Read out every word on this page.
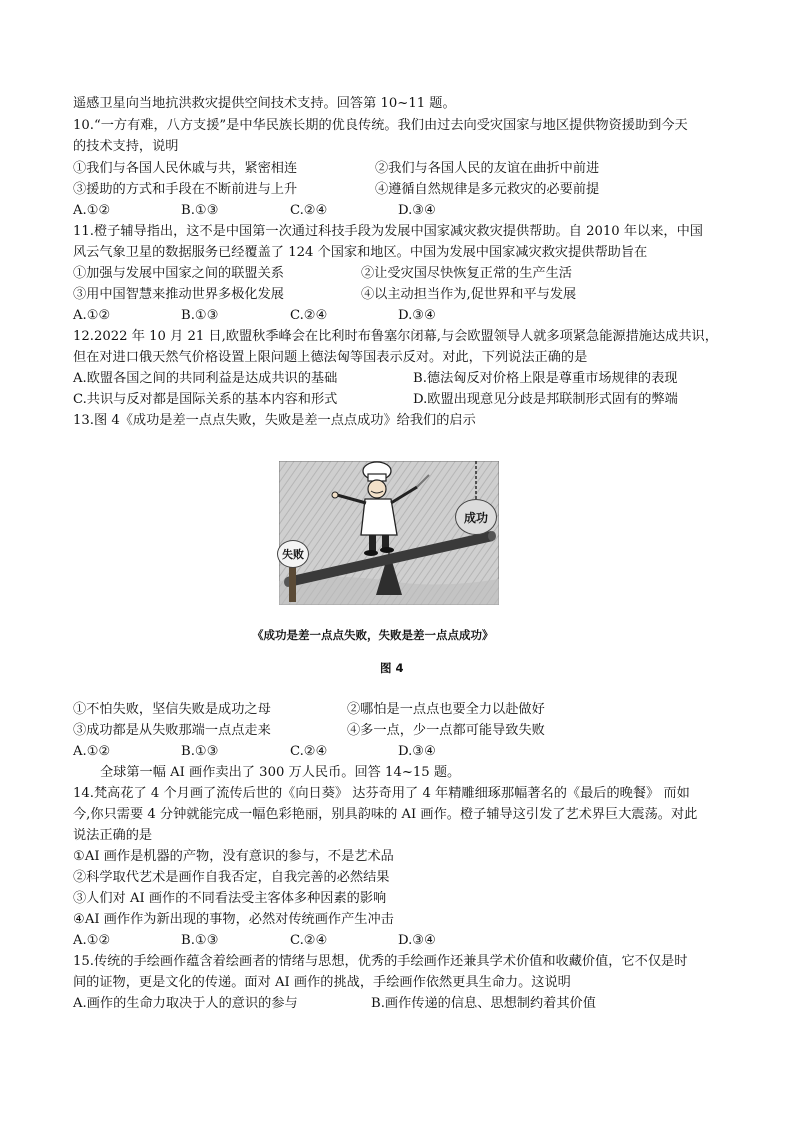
遥感卫星向当地抗洪救灾提供空间技术支持。回答第 10~11 题。
10.“一方有难，八方支援”是中华民族长期的优良传统。我们由过去向受灾国家与地区提供物资援助到今天
的技术支持，说明
①我们与各国人民休戚与共，紧密相连	②我们与各国人民的友谊在曲折中前进
③援助的方式和手段在不断前进与上升	④遵循自然规律是多元救灾的必要前提
A.①②	B.①③	C.②④	D.③④
11.橙子辅导指出，这不是中国第一次通过科技手段为发展中国家减灾救灾提供帮助。自 2010 年以来，中国
风云气象卫星的数据服务已经覆盖了 124 个国家和地区。中国为发展中国家减灾救灾提供帮助旨在
①加强与发展中国家之间的联盟关系	②让受灾国尽快恢复正常的生产生活
③用中国智慧来推动世界多极化发展	④以主动担当作为,促世界和平与发展
A.①②	B.①③	C.②④	D.③④
12.2022 年 10 月 21 日,欧盟秋季峰会在比利时布鲁塞尔闭幕,与会欧盟领导人就多项紧急能源措施达成共识，
但在对进口俄天然气价格设置上限问题上德法匈等国表示反对。对此，下列说法正确的是
A.欧盟各国之间的共同利益是达成共识的基础	B.德法匈反对价格上限是尊重市场规律的表现
C.共识与反对都是国际关系的基本内容和形式	D.欧盟出现意见分歧是邦联制形式固有的弊端
13.图 4《成功是差一点点失败，失败是差一点点成功》给我们的启示
失败
成功
《成功是差一点点失败，失败是差一点点成功》
图 4
①不怕失败，坚信失败是成功之母	②哪怕是一点点也要全力以赴做好
③成功都是从失败那端一点点走来	④多一点，少一点都可能导致失败
A.①②	B.①③	C.②④	D.③④
全球第一幅 AI 画作卖出了 300 万人民币。回答 14~15 题。
14.梵高花了 4 个月画了流传后世的《向日葵》 达芬奇用了 4 年精雕细琢那幅著名的《最后的晚餐》 而如
今,你只需要 4 分钟就能完成一幅色彩艳丽，别具韵味的 AI 画作。橙子辅导这引发了艺术界巨大震荡。对此
说法正确的是
①AI 画作是机器的产物，没有意识的参与，不是艺术品
②科学取代艺术是画作自我否定，自我完善的必然结果
③人们对 AI 画作的不同看法受主客体多种因素的影响
④AI 画作作为新出现的事物，必然对传统画作产生冲击
A.①②	B.①③	C.②④	D.③④
15.传统的手绘画作蕴含着绘画者的情绪与思想，优秀的手绘画作还兼具学术价值和收藏价值，它不仅是时
间的证物，更是文化的传递。面对 AI 画作的挑战，手绘画作依然更具生命力。这说明
A.画作的生命力取决于人的意识的参与	B.画作传递的信息、思想制约着其价值
